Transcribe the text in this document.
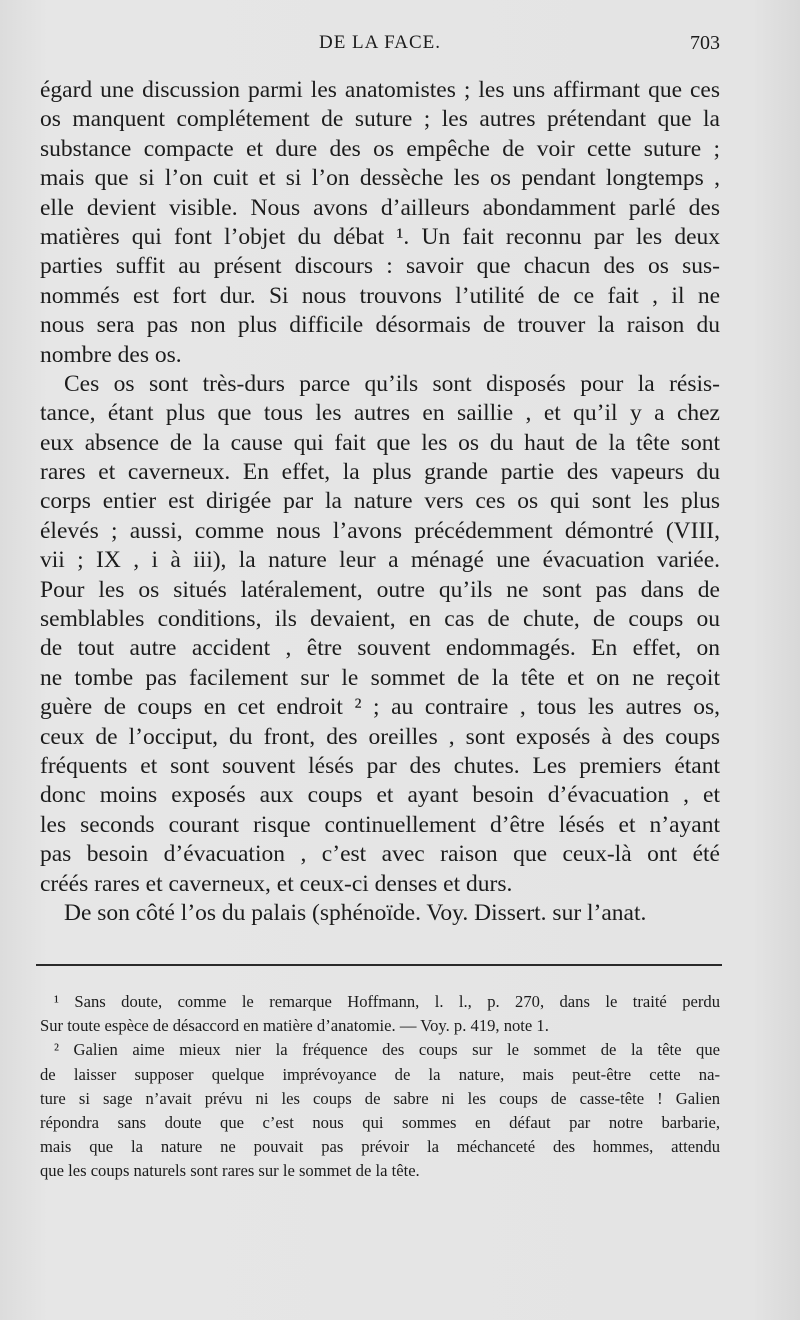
DE LA FACE.	703
égard une discussion parmi les anatomistes ; les uns affirmant que ces
os manquent complétement de suture ; les autres prétendant que la
substance compacte et dure des os empêche de voir cette suture ;
mais que si l’on cuit et si l’on dessèche les os pendant longtemps ,
elle devient visible. Nous avons d’ailleurs abondamment parlé des
matières qui font l’objet du débat ¹. Un fait reconnu par les deux
parties suffit au présent discours : savoir que chacun des os sus-
nommés est fort dur. Si nous trouvons l’utilité de ce fait , il ne
nous sera pas non plus difficile désormais de trouver la raison du
nombre des os.
Ces os sont très-durs parce qu’ils sont disposés pour la résis-
tance, étant plus que tous les autres en saillie , et qu’il y a chez
eux absence de la cause qui fait que les os du haut de la tête sont
rares et caverneux. En effet, la plus grande partie des vapeurs du
corps entier est dirigée par la nature vers ces os qui sont les plus
élevés ; aussi, comme nous l’avons précédemment démontré (VIII,
vii ; IX , i à iii), la nature leur a ménagé une évacuation variée.
Pour les os situés latéralement, outre qu’ils ne sont pas dans de
semblables conditions, ils devaient, en cas de chute, de coups ou
de tout autre accident , être souvent endommagés. En effet, on
ne tombe pas facilement sur le sommet de la tête et on ne reçoit
guère de coups en cet endroit ² ; au contraire , tous les autres os,
ceux de l’occiput, du front, des oreilles , sont exposés à des coups
fréquents et sont souvent lésés par des chutes. Les premiers étant
donc moins exposés aux coups et ayant besoin d’évacuation , et
les seconds courant risque continuellement d’être lésés et n’ayant
pas besoin d’évacuation , c’est avec raison que ceux-là ont été
créés rares et caverneux, et ceux-ci denses et durs.
De son côté l’os du palais (sphénoïde. Voy. Dissert. sur l’anat.
¹ Sans doute, comme le remarque Hoffmann, l. l., p. 270, dans le traité perdu
Sur toute espèce de désaccord en matière d’anatomie. — Voy. p. 419, note 1.
² Galien aime mieux nier la fréquence des coups sur le sommet de la tête que
de laisser supposer quelque imprévoyance de la nature, mais peut-être cette na-
ture si sage n’avait prévu ni les coups de sabre ni les coups de casse-tête ! Galien
répondra sans doute que c’est nous qui sommes en défaut par notre barbarie,
mais que la nature ne pouvait pas prévoir la méchanceté des hommes, attendu
que les coups naturels sont rares sur le sommet de la tête.
